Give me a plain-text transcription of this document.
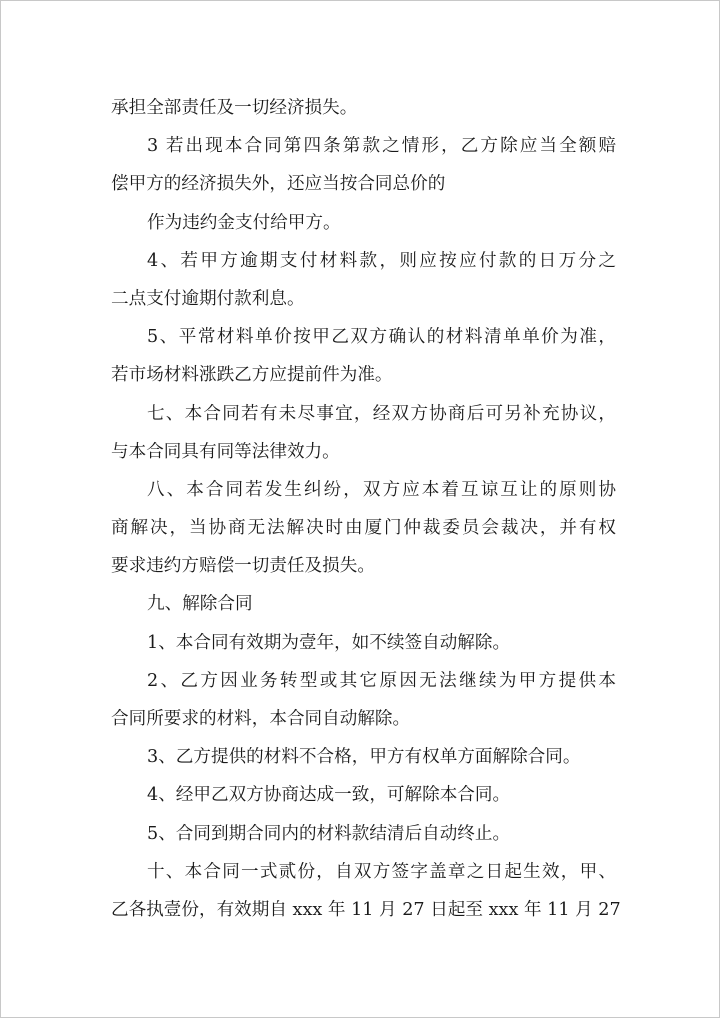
承担全部责任及一切经济损失。
3 若出现本合同第四条第款之情形，乙方除应当全额赔
偿甲方的经济损失外，还应当按合同总价的
作为违约金支付给甲方。
4、若甲方逾期支付材料款，则应按应付款的日万分之
二点支付逾期付款利息。
5、平常材料单价按甲乙双方确认的材料清单单价为准，
若市场材料涨跌乙方应提前件为准。
七、本合同若有未尽事宜，经双方协商后可另补充协议，
与本合同具有同等法律效力。
八、本合同若发生纠纷，双方应本着互谅互让的原则协
商解决，当协商无法解决时由厦门仲裁委员会裁决，并有权
要求违约方赔偿一切责任及损失。
九、解除合同
1、本合同有效期为壹年，如不续签自动解除。
2、乙方因业务转型或其它原因无法继续为甲方提供本
合同所要求的材料，本合同自动解除。
3、乙方提供的材料不合格，甲方有权单方面解除合同。
4、经甲乙双方协商达成一致，可解除本合同。
5、合同到期合同内的材料款结清后自动终止。
十、本合同一式贰份，自双方签字盖章之日起生效，甲、
乙各执壹份，有效期自 xxx 年 11 月 27 日起至 xxx 年 11 月 27
